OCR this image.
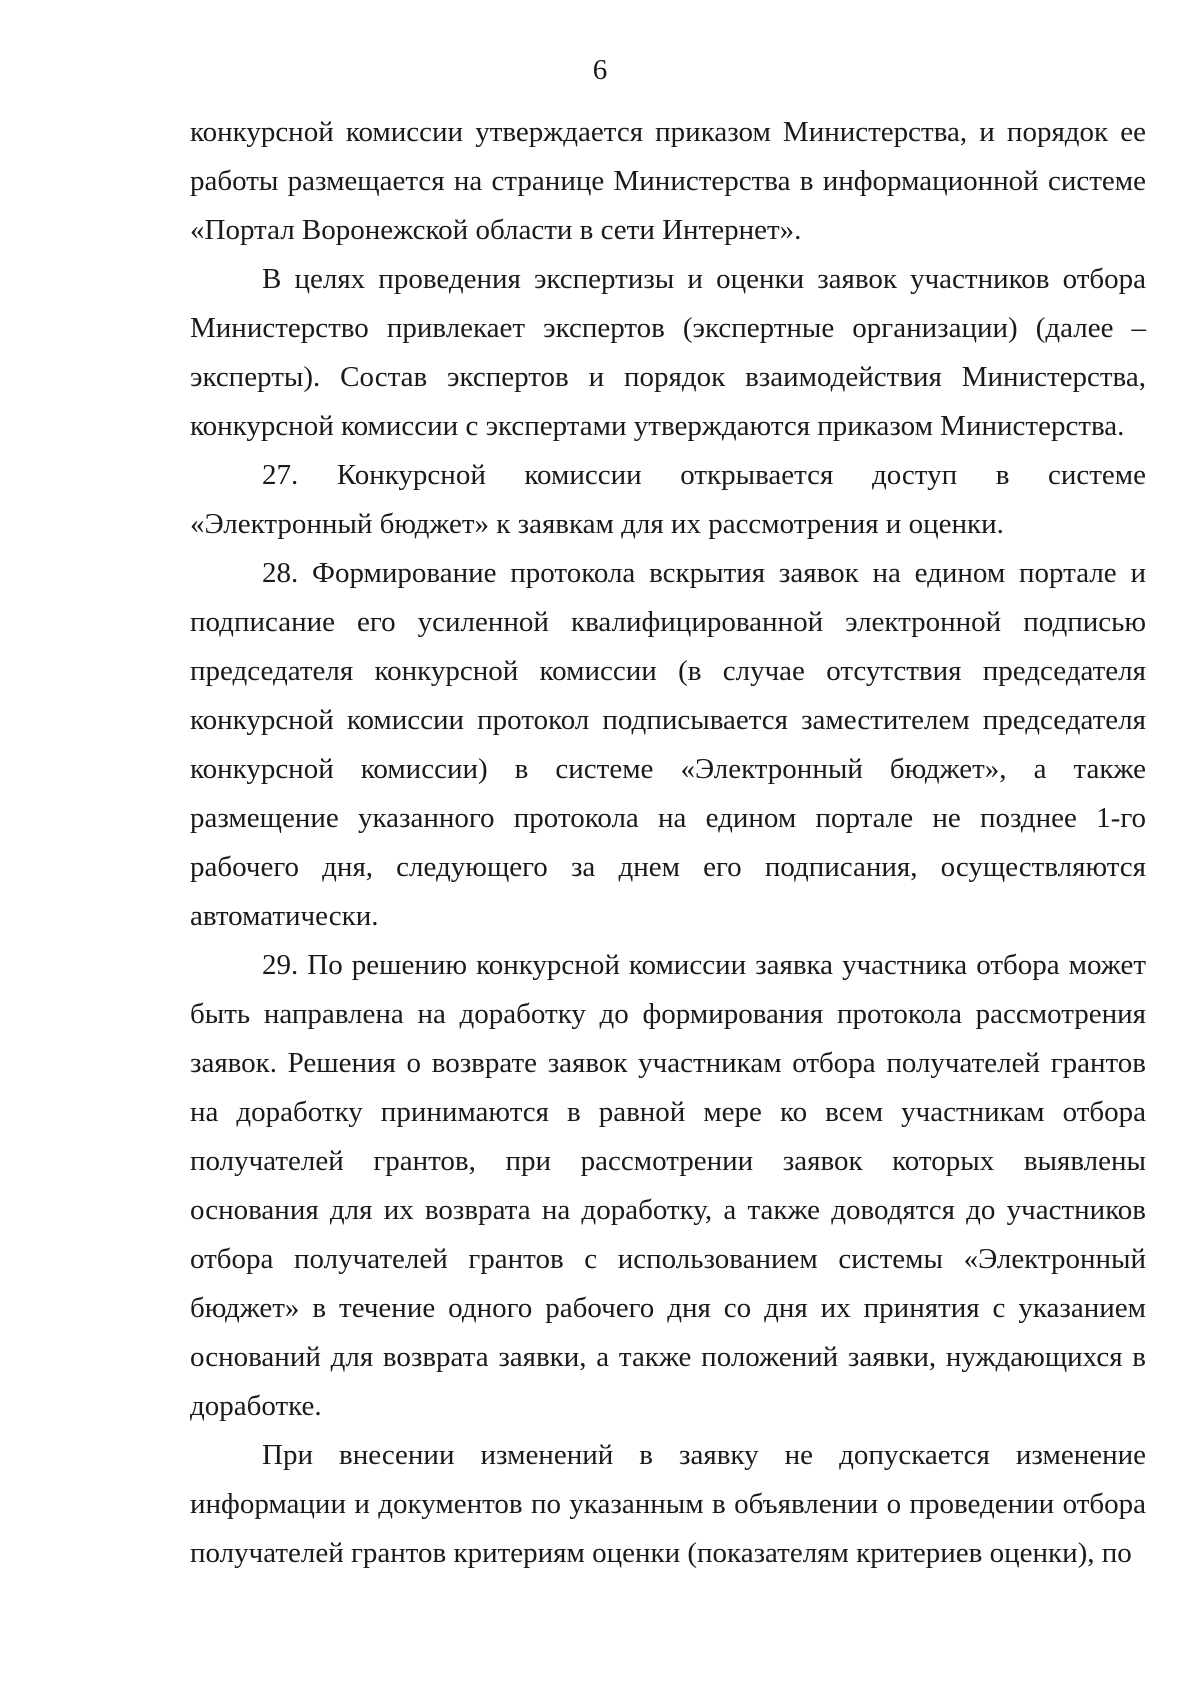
6

конкурсной комиссии утверждается приказом Министерства, и порядок ее работы размещается на странице Министерства в информационной системе «Портал Воронежской области в сети Интернет».

В целях проведения экспертизы и оценки заявок участников отбора Министерство привлекает экспертов (экспертные организации) (далее – эксперты). Состав экспертов и порядок взаимодействия Министерства, конкурсной комиссии с экспертами утверждаются приказом Министерства.

27. Конкурсной комиссии открывается доступ в системе «Электронный бюджет» к заявкам для их рассмотрения и оценки.

28. Формирование протокола вскрытия заявок на едином портале и подписание его усиленной квалифицированной электронной подписью председателя конкурсной комиссии (в случае отсутствия председателя конкурсной комиссии протокол подписывается заместителем председателя конкурсной комиссии) в системе «Электронный бюджет», а также размещение указанного протокола на едином портале не позднее 1-го рабочего дня, следующего за днем его подписания, осуществляются автоматически.

29. По решению конкурсной комиссии заявка участника отбора может быть направлена на доработку до формирования протокола рассмотрения заявок. Решения о возврате заявок участникам отбора получателей грантов на доработку принимаются в равной мере ко всем участникам отбора получателей грантов, при рассмотрении заявок которых выявлены основания для их возврата на доработку, а также доводятся до участников отбора получателей грантов с использованием системы «Электронный бюджет» в течение одного рабочего дня со дня их принятия с указанием оснований для возврата заявки, а также положений заявки, нуждающихся в доработке.

При внесении изменений в заявку не допускается изменение информации и документов по указанным в объявлении о проведении отбора получателей грантов критериям оценки (показателям критериев оценки), по
